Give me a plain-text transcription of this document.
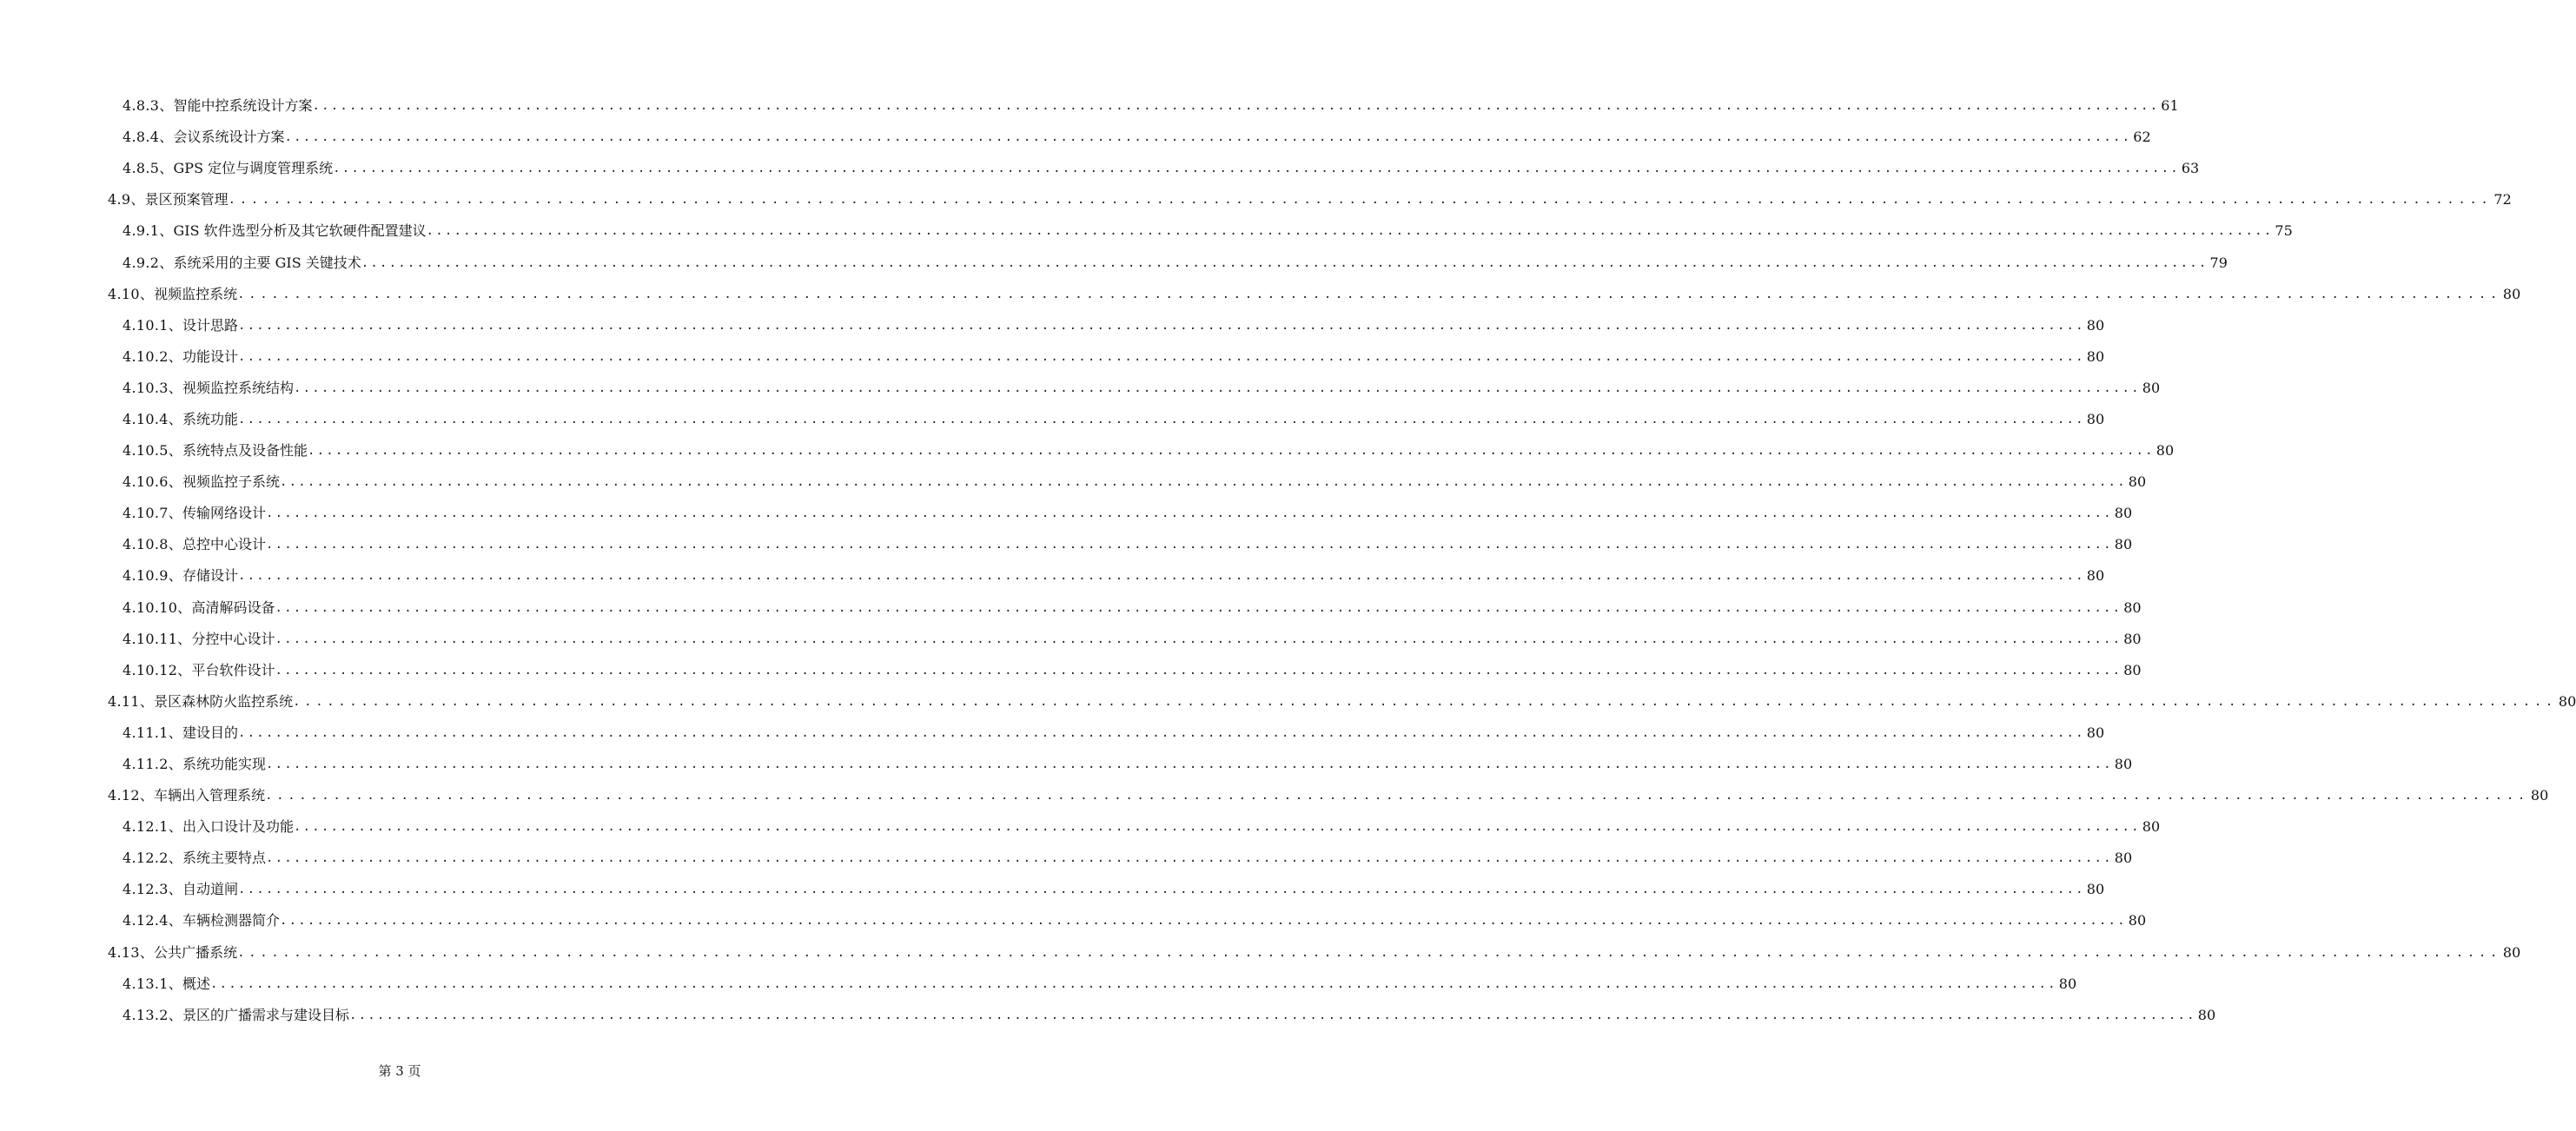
4.8.3、 智能中控系统设计方案 ........................................................................................................................................................................................................ 61
4.8.4、 会议系统设计方案 ........................................................................................................................................................................................................ 62
4.8.5、 GPS 定位与调度管理系统 ........................................................................................................................................................................................................ 63
4.9、 景区预案管理 ........................................................................................................................................................................................................ 72
4.9.1、 GIS 软件选型分析及其它软硬件配置建议 ........................................................................................................................................................................................................ 75
4.9.2、 系统采用的主要 GIS 关键技术 ........................................................................................................................................................................................................ 79
4.10、 视频监控系统 ........................................................................................................................................................................................................ 80
4.10.1、 设计思路 ........................................................................................................................................................................................................ 80
4.10.2、 功能设计 ........................................................................................................................................................................................................ 80
4.10.3、 视频监控系统结构 ........................................................................................................................................................................................................ 80
4.10.4、 系统功能 ........................................................................................................................................................................................................ 80
4.10.5、 系统特点及设备性能 ........................................................................................................................................................................................................ 80
4.10.6、 视频监控子系统 ........................................................................................................................................................................................................ 80
4.10.7、 传输网络设计 ........................................................................................................................................................................................................ 80
4.10.8、 总控中心设计 ........................................................................................................................................................................................................ 80
4.10.9、 存储设计 ........................................................................................................................................................................................................ 80
4.10.10、 高清解码设备 ........................................................................................................................................................................................................ 80
4.10.11、 分控中心设计 ........................................................................................................................................................................................................ 80
4.10.12、 平台软件设计 ........................................................................................................................................................................................................ 80
4.11、 景区森林防火监控系统 ........................................................................................................................................................................................................ 80
4.11.1、 建设目的 ........................................................................................................................................................................................................ 80
4.11.2、 系统功能实现 ........................................................................................................................................................................................................ 80
4.12、 车辆出入管理系统 ........................................................................................................................................................................................................ 80
4.12.1、 出入口设计及功能 ........................................................................................................................................................................................................ 80
4.12.2、 系统主要特点 ........................................................................................................................................................................................................ 80
4.12.3、 自动道闸 ........................................................................................................................................................................................................ 80
4.12.4、 车辆检测器简介 ........................................................................................................................................................................................................ 80
4.13、 公共广播系统 ........................................................................................................................................................................................................ 80
4.13.1、 概述 ........................................................................................................................................................................................................ 80
4.13.2、 景区的广播需求与建设目标 ........................................................................................................................................................................................................ 80
第 3 页
